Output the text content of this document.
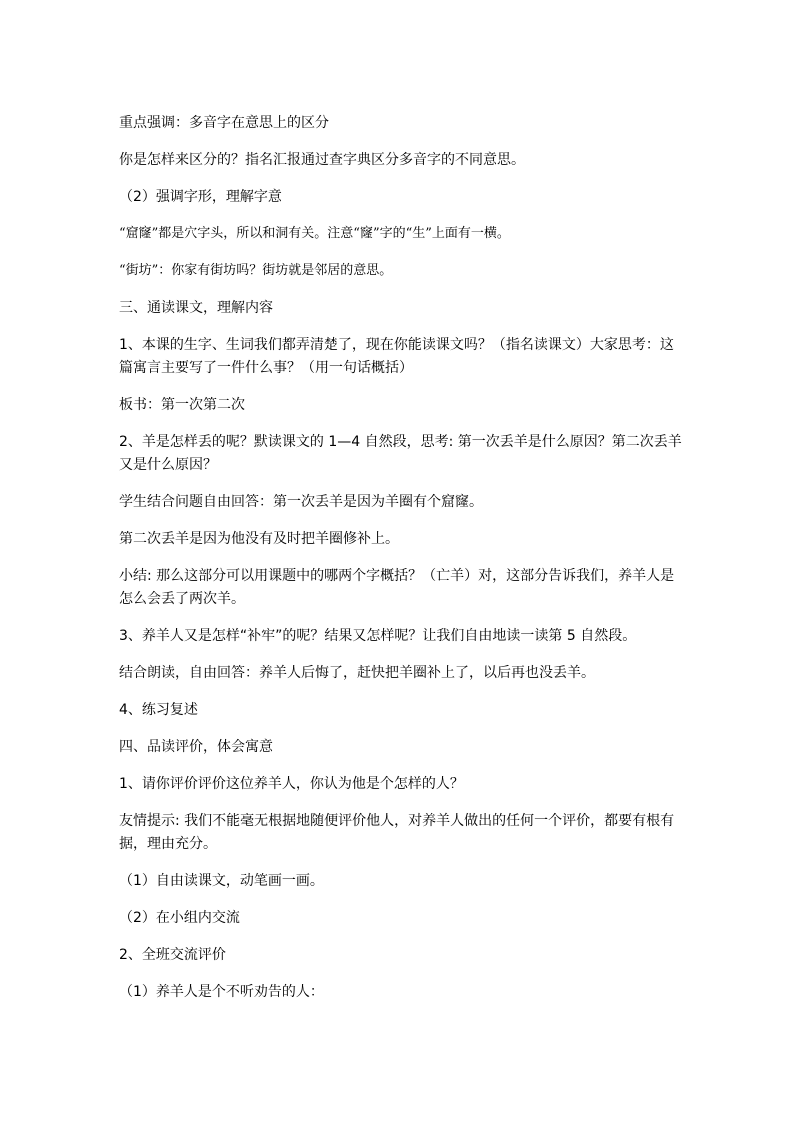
重点强调：多音字在意思上的区分

你是怎样来区分的？指名汇报通过查字典区分多音字的不同意思。

（2）强调字形，理解字意

“窟窿”都是穴字头，所以和洞有关。注意“窿”字的“生”上面有一横。

“街坊”：你家有街坊吗？街坊就是邻居的意思。

三、通读课文，理解内容

1、本课的生字、生词我们都弄清楚了，现在你能读课文吗？（指名读课文）大家思考：这篇寓言主要写了一件什么事？（用一句话概括）

板书：第一次第二次

2、羊是怎样丢的呢？默读课文的 1—4 自然段，思考: 第一次丢羊是什么原因？第二次丢羊又是什么原因？

学生结合问题自由回答：第一次丢羊是因为羊圈有个窟窿。

第二次丢羊是因为他没有及时把羊圈修补上。

小结: 那么这部分可以用课题中的哪两个字概括？（亡羊）对，这部分告诉我们，养羊人是怎么会丢了两次羊。

3、养羊人又是怎样“补牢”的呢？结果又怎样呢？让我们自由地读一读第 5 自然段。

结合朗读，自由回答：养羊人后悔了，赶快把羊圈补上了，以后再也没丢羊。

4、练习复述

四、品读评价，体会寓意

1、请你评价评价这位养羊人，你认为他是个怎样的人？

友情提示: 我们不能毫无根据地随便评价他人，对养羊人做出的任何一个评价，都要有根有据，理由充分。

（1）自由读课文，动笔画一画。

（2）在小组内交流

2、全班交流评价

（1）养羊人是个不听劝告的人：
